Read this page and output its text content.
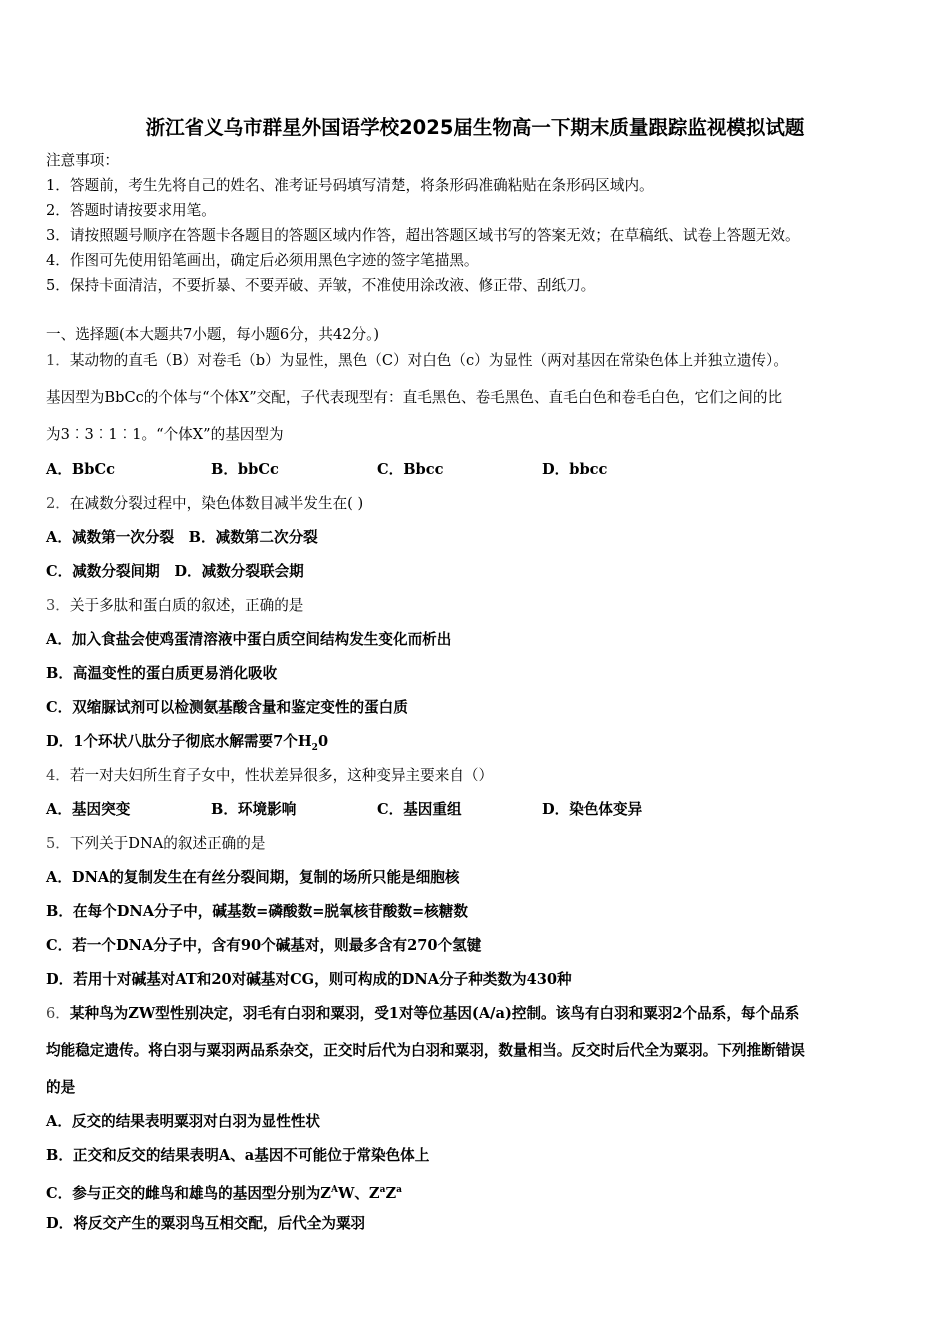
浙江省义乌市群星外国语学校2025届生物高一下期末质量跟踪监视模拟试题
注意事项：
1．答题前，考生先将自己的姓名、准考证号码填写清楚，将条形码准确粘贴在条形码区域内。
2．答题时请按要求用笔。
3．请按照题号顺序在答题卡各题目的答题区域内作答，超出答题区域书写的答案无效；在草稿纸、试卷上答题无效。
4．作图可先使用铅笔画出，确定后必须用黑色字迹的签字笔描黑。
5．保持卡面清洁，不要折暴、不要弄破、弄皱，不准使用涂改液、修正带、刮纸刀。
一、选择题(本大题共7小题，每小题6分，共42分。)
1．某动物的直毛（B）对卷毛（b）为显性，黑色（C）对白色（c）为显性（两对基因在常染色体上并独立遗传）。
基因型为BbCc的个体与“个体X”交配，子代表现型有：直毛黑色、卷毛黑色、直毛白色和卷毛白色，它们之间的比
为3︰3︰1︰1。“个体X”的基因型为
A．BbCc	B．bbCc	C．Bbcc	D．bbcc
2．在减数分裂过程中，染色体数目减半发生在( )
A．减数第一次分裂　B．减数第二次分裂
C．减数分裂间期　D．减数分裂联会期
3．关于多肽和蛋白质的叙述，正确的是
A．加入食盐会使鸡蛋清溶液中蛋白质空间结构发生变化而析出
B．高温变性的蛋白质更易消化吸收
C．双缩脲试剂可以检测氨基酸含量和鉴定变性的蛋白质
D．1个环状八肽分子彻底水解需要7个$H_20$
4．若一对夫妇所生育子女中，性状差异很多，这种变异主要来自（）
A．基因突变	B．环境影响	C．基因重组	D．染色体变异
5．下列关于DNA的叙述正确的是
A．DNA的复制发生在有丝分裂间期，复制的场所只能是细胞核
B．在每个DNA分子中，碱基数=磷酸数=脱氧核苷酸数=核糖数
C．若一个DNA分子中，含有90个碱基对，则最多含有270个氢键
D．若用十对碱基对AT和20对碱基对CG，则可构成的DNA分子种类数为430种
6．某种鸟为ZW型性别决定，羽毛有白羽和粟羽，受1对等位基因(A/a)控制。该鸟有白羽和粟羽2个品系，每个品系
均能稳定遗传。将白羽与粟羽两品系杂交，正交时后代为白羽和粟羽，数量相当。反交时后代全为粟羽。下列推断错误
的是
A．反交的结果表明粟羽对白羽为显性性状
B．正交和反交的结果表明A、a基因不可能位于常染色体上
C．参与正交的雌鸟和雄鸟的基因型分别为$Z^AW$、$Z^aZ^a$
D．将反交产生的粟羽鸟互相交配，后代全为粟羽
